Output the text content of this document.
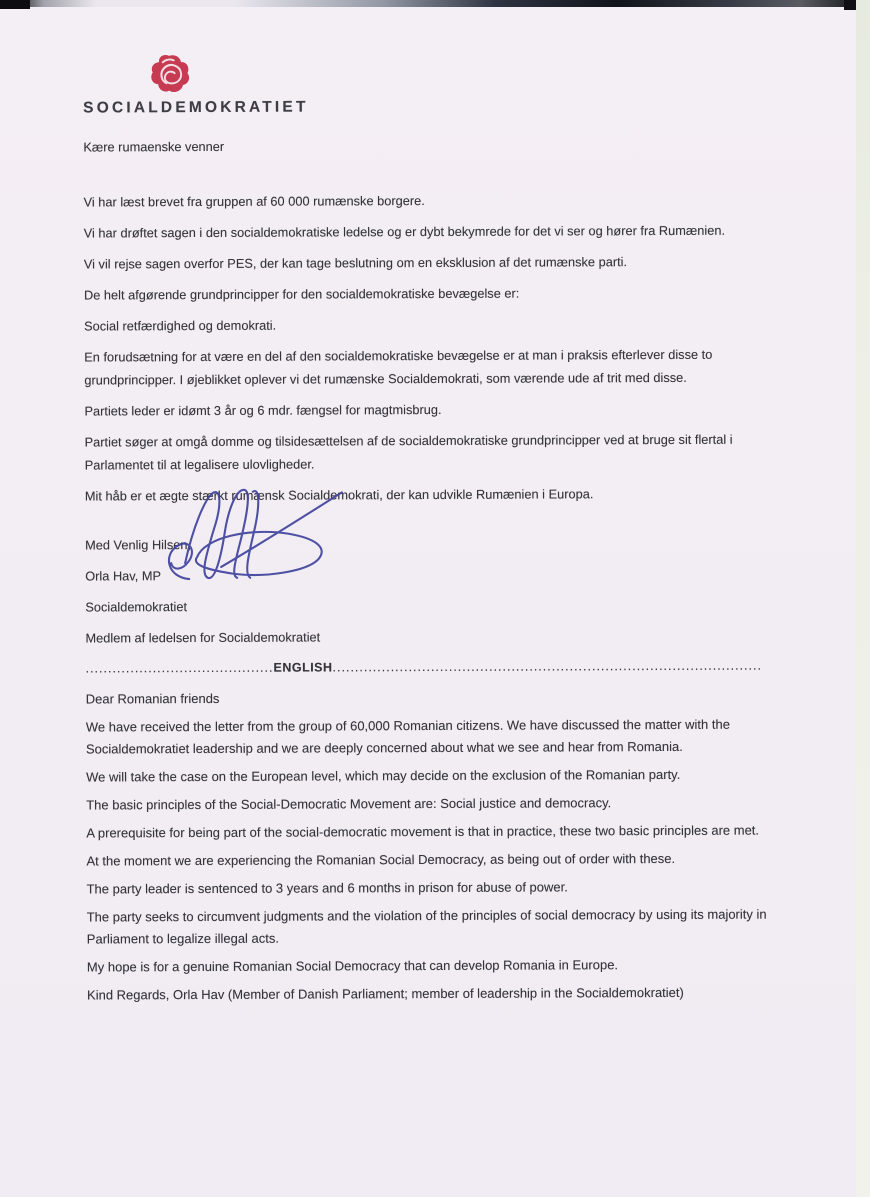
SOCIALDEMOKRATIET

Kære rumaenske venner

Vi har læst brevet fra gruppen af 60 000 rumænske borgere.

Vi har drøftet sagen i den socialdemokratiske ledelse og er dybt bekymrede for det vi ser og hører fra Rumænien.

Vi vil rejse sagen overfor PES, der kan tage beslutning om en eksklusion af det rumænske parti.

De helt afgørende grundprincipper for den socialdemokratiske bevægelse er:

Social retfærdighed og demokrati.

En forudsætning for at være en del af den socialdemokratiske bevægelse er at man i praksis efterlever disse to grundprincipper. I øjeblikket oplever vi det rumænske Socialdemokrati, som værende ude af trit med disse.

Partiets leder er idømt 3 år og 6 mdr. fængsel for magtmisbrug.

Partiet søger at omgå domme og tilsidesættelsen af de socialdemokratiske grundprincipper ved at bruge sit flertal i Parlamentet til at legalisere ulovligheder.

Mit håb er et ægte stærkt rumænsk Socialdemokrati, der kan udvikle Rumænien i Europa.

Med Venlig Hilsen,

Orla Hav, MP

Socialdemokratiet

Medlem af ledelsen for Socialdemokratiet

..........................................ENGLISH................................................................................................

Dear Romanian friends

We have received the letter from the group of 60,000 Romanian citizens. We have discussed the matter with the Socialdemokratiet leadership and we are deeply concerned about what we see and hear from Romania.

We will take the case on the European level, which may decide on the exclusion of the Romanian party.

The basic principles of the Social-Democratic Movement are: Social justice and democracy.

A prerequisite for being part of the social-democratic movement is that in practice, these two basic principles are met.

At the moment we are experiencing the Romanian Social Democracy, as being out of order with these.

The party leader is sentenced to 3 years and 6 months in prison for abuse of power.

The party seeks to circumvent judgments and the violation of the principles of social democracy by using its majority in Parliament to legalize illegal acts.

My hope is for a genuine Romanian Social Democracy that can develop Romania in Europe.

Kind Regards, Orla Hav (Member of Danish Parliament; member of leadership in the Socialdemokratiet)
